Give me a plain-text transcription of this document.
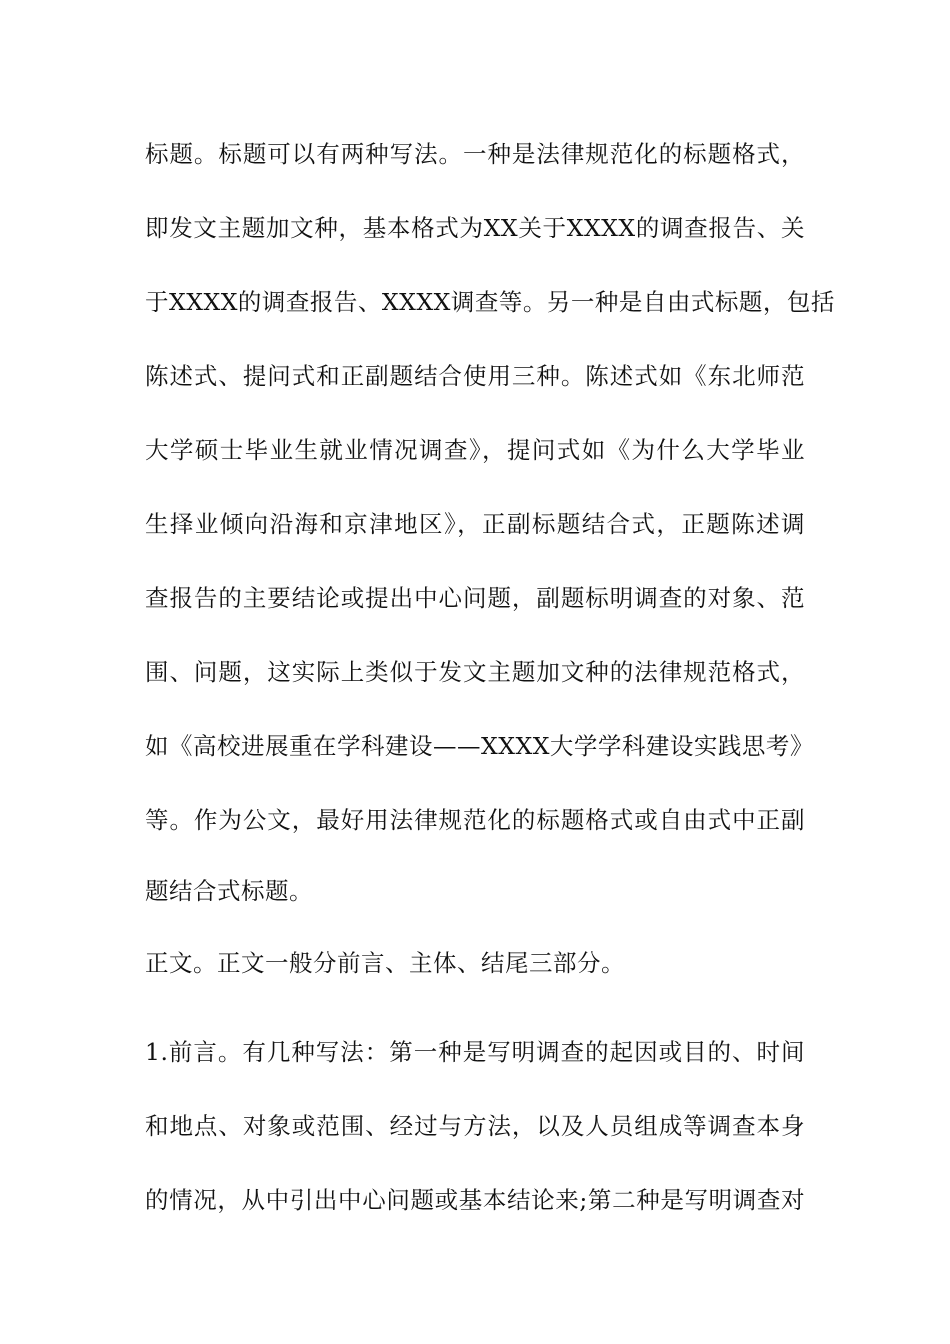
标题。标题可以有两种写法。一种是法律规范化的标题格式，
即发文主题加文种，基本格式为XX关于XXXX的调查报告、关
于XXXX的调查报告、XXXX调查等。另一种是自由式标题，包括
陈述式、提问式和正副题结合使用三种。陈述式如《东北师范
大学硕士毕业生就业情况调查》，提问式如《为什么大学毕业
生择业倾向沿海和京津地区》，正副标题结合式，正题陈述调
查报告的主要结论或提出中心问题，副题标明调查的对象、范
围、问题，这实际上类似于发文主题加文种的法律规范格式，
如《高校进展重在学科建设——XXXX大学学科建设实践思考》
等。作为公文，最好用法律规范化的标题格式或自由式中正副
题结合式标题。
正文。正文一般分前言、主体、结尾三部分。
1.前言。有几种写法：第一种是写明调查的起因或目的、时间
和地点、对象或范围、经过与方法，以及人员组成等调查本身
的情况，从中引出中心问题或基本结论来;第二种是写明调查对
